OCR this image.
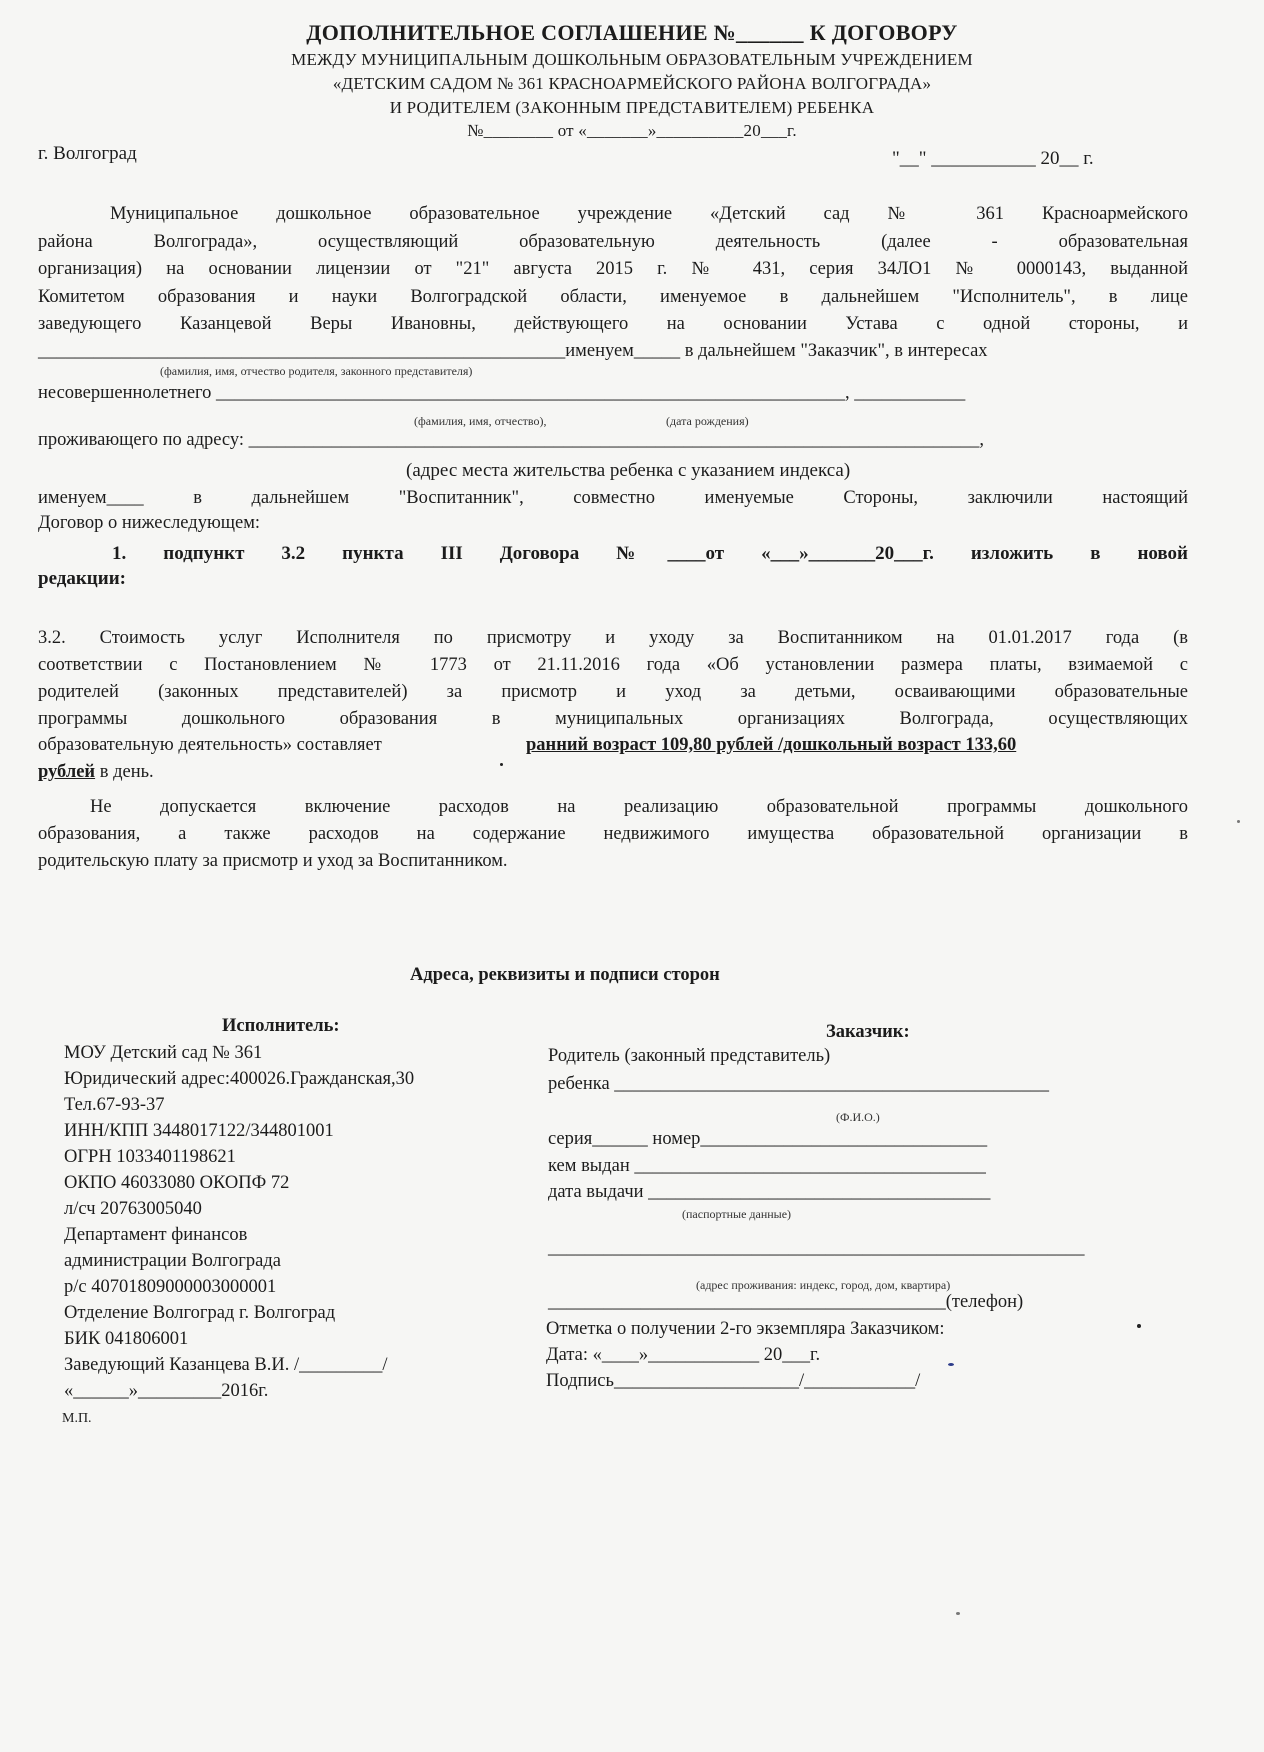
ДОПОЛНИТЕЛЬНОЕ СОГЛАШЕНИЕ №______ К ДОГОВОРУ
МЕЖДУ МУНИЦИПАЛЬНЫМ ДОШКОЛЬНЫМ ОБРАЗОВАТЕЛЬНЫМ УЧРЕЖДЕНИЕМ
«ДЕТСКИМ САДОМ № 361 КРАСНОАРМЕЙСКОГО РАЙОНА ВОЛГОГРАДА»
И РОДИТЕЛЕМ (ЗАКОННЫМ ПРЕДСТАВИТЕЛЕМ) РЕБЕНКА
№________ от «_______»__________20___г.
г. Волгоград	"__" ___________ 20__ г.
Муниципальное дошкольное образовательное учреждение «Детский сад № 361 Красноармейского
района Волгограда», осуществляющий образовательную деятельность (далее - образовательная
организация) на основании лицензии от "21" августа 2015 г. № 431, серия 34ЛО1 № 0000143, выданной
Комитетом образования и науки Волгоградской области, именуемое в дальнейшем "Исполнитель", в лице
заведующего Казанцевой Веры Ивановны, действующего на основании Устава с одной стороны, и
_________________________________________________________именуем_____ в дальнейшем "Заказчик", в интересах
(фамилия, имя, отчество родителя, законного представителя)
несовершеннолетнего ____________________________________________________________________, ____________
(фамилия, имя, отчество),	(дата рождения)
проживающего по адресу: _______________________________________________________________________________,
(адрес места жительства ребенка с указанием индекса)
именуем____ в дальнейшем "Воспитанник", совместно именуемые Стороны, заключили настоящий
Договор о нижеследующем:
1. подпункт 3.2 пункта III Договора №____от «___»_______20___г. изложить в новой
редакции:
3.2. Стоимость услуг Исполнителя по присмотру и уходу за Воспитанником на 01.01.2017 года (в
соответствии с Постановлением № 1773 от 21.11.2016 года «Об установлении размера платы, взимаемой с
родителей (законных представителей) за присмотр и уход за детьми, осваивающими образовательные
программы дошкольного образования в муниципальных организациях Волгограда, осуществляющих
образовательную деятельность» составляет	ранний возраст 109,80 рублей /дошкольный возраст 133,60
рублей в день.
Не допускается включение расходов на реализацию образовательной программы дошкольного
образования, а также расходов на содержание недвижимого имущества образовательной организации в
родительскую плату за присмотр и уход за Воспитанником.
Адреса, реквизиты и подписи сторон
Исполнитель:
МОУ Детский сад № 361
Юридический адрес:400026.Гражданская,30
Тел.67-93-37
ИНН/КПП 3448017122/344801001
ОГРН 1033401198621
ОКПО 46033080 ОКОПФ 72
л/сч 20763005040
Департамент финансов
администрации Волгограда
р/с 40701809000003000001
Отделение Волгоград г. Волгоград
БИК 041806001
Заведующий Казанцева В.И. /_________/
«______»_________2016г.
М.П.
Заказчик:
Родитель (законный представитель)
ребенка _______________________________________________
(Ф.И.О.)
серия______ номер_______________________________
кем выдан ______________________________________
дата выдачи _____________________________________
(паспортные данные)
__________________________________________________________
(адрес проживания: индекс, город, дом, квартира)
___________________________________________(телефон)
Отметка о получении 2-го экземпляра Заказчиком:
Дата: «____»____________ 20___г.
Подпись____________________/____________/
